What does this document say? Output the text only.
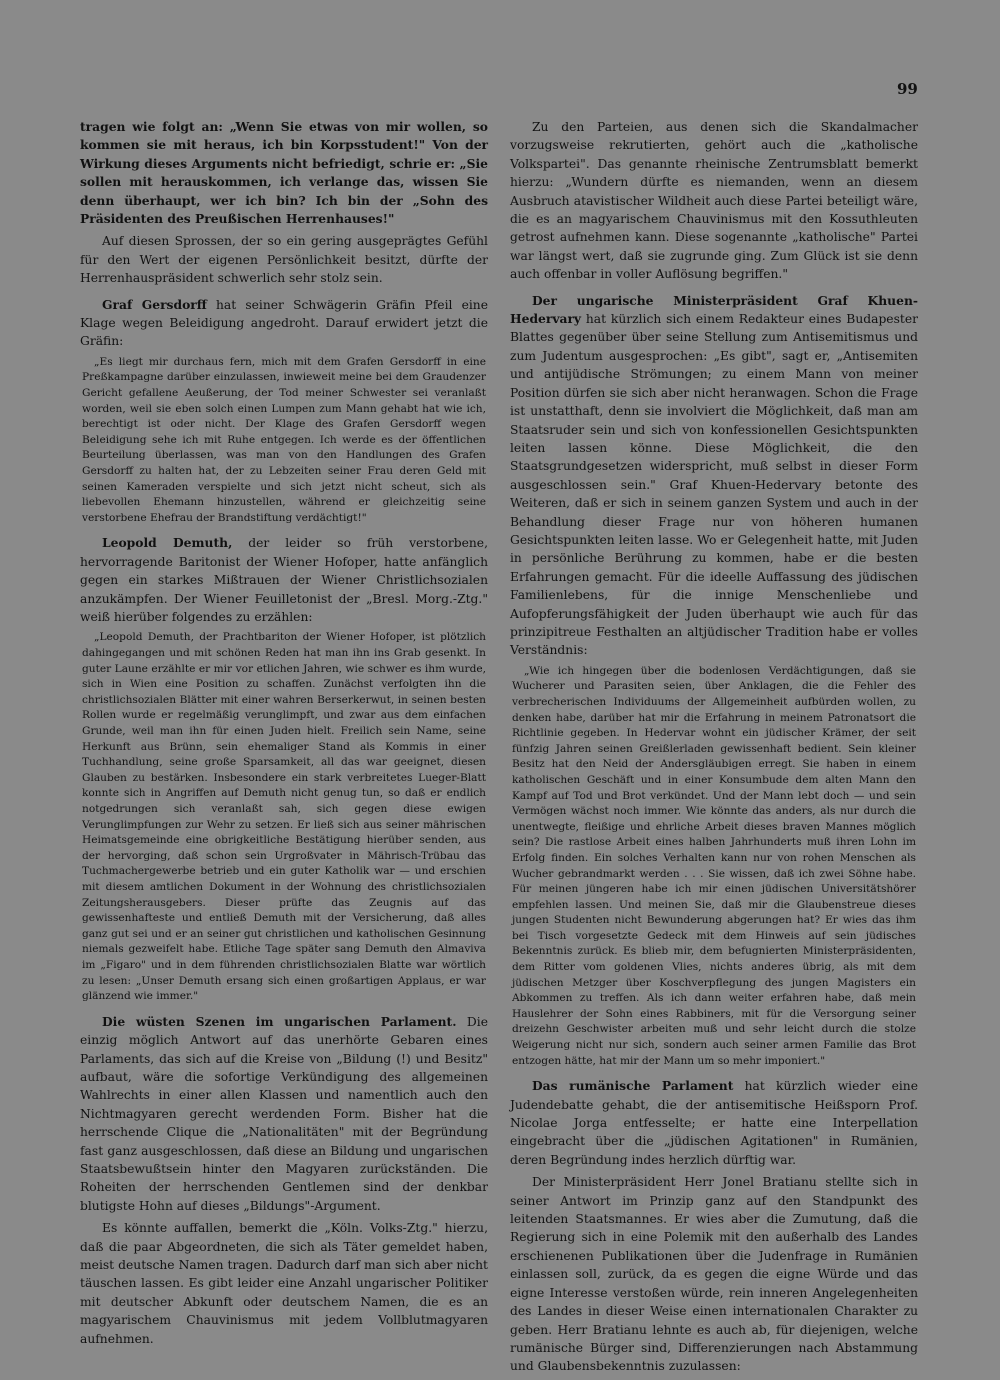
99

tragen wie folgt an: „Wenn Sie etwas von mir wollen, so kommen sie mit heraus, ich bin Korpsstudent!" Von der Wirkung dieses Arguments nicht befriedigt, schrie er: „Sie sollen mit herauskommen, ich verlange das, wissen Sie denn überhaupt, wer ich bin? Ich bin der „Sohn des Präsidenten des Preußischen Herrenhauses!"

Auf diesen Sprossen, der so ein gering ausgeprägtes Gefühl für den Wert der eigenen Persönlichkeit besitzt, dürfte der Herrenhauspräsident schwerlich sehr stolz sein.

Graf Gersdorff hat seiner Schwägerin Gräfin Pfeil eine Klage wegen Beleidigung angedroht. Darauf erwidert jetzt die Gräfin:

„Es liegt mir durchaus fern, mich mit dem Grafen Gersdorff in eine Preßkampagne darüber einzulassen, inwieweit meine bei dem Graudenzer Gericht gefallene Aeußerung, der Tod meiner Schwester sei veranlaßt worden, weil sie eben solch einen Lumpen zum Mann gehabt hat wie ich, berechtigt ist oder nicht. Der Klage des Grafen Gersdorff wegen Beleidigung sehe ich mit Ruhe entgegen. Ich werde es der öffentlichen Beurteilung überlassen, was man von den Handlungen des Grafen Gersdorff zu halten hat, der zu Lebzeiten seiner Frau deren Geld mit seinen Kameraden verspielte und sich jetzt nicht scheut, sich als liebevollen Ehemann hinzustellen, während er gleichzeitig seine verstorbene Ehefrau der Brandstiftung verdächtigt!"

Leopold Demuth, der leider so früh verstorbene, hervorragende Baritonist der Wiener Hofoper, hatte anfänglich gegen ein starkes Mißtrauen der Wiener Christlichsozialen anzukämpfen. Der Wiener Feuilletonist der „Bresl. Morg.-Ztg." weiß hierüber folgendes zu erzählen:

„Leopold Demuth, der Prachtbariton der Wiener Hofoper, ist plötzlich dahingegangen und mit schönen Reden hat man ihn ins Grab gesenkt. In guter Laune erzählte er mir vor etlichen Jahren, wie schwer es ihm wurde, sich in Wien eine Position zu schaffen. Zunächst verfolgten ihn die christlichsozialen Blätter mit einer wahren Berserkerwut, in seinen besten Rollen wurde er regelmäßig verunglimpft, und zwar aus dem einfachen Grunde, weil man ihn für einen Juden hielt. Freilich sein Name, seine Herkunft aus Brünn, sein ehemaliger Stand als Kommis in einer Tuchhandlung, seine große Sparsamkeit, all das war geeignet, diesen Glauben zu bestärken. Insbesondere ein stark verbreitetes Lueger-Blatt konnte sich in Angriffen auf Demuth nicht genug tun, so daß er endlich notgedrungen sich veranlaßt sah, sich gegen diese ewigen Verunglimpfungen zur Wehr zu setzen. Er ließ sich aus seiner mährischen Heimatsgemeinde eine obrigkeitliche Bestätigung hierüber senden, aus der hervorging, daß schon sein Urgroßvater in Mährisch-Trübau das Tuchmachergewerbe betrieb und ein guter Katholik war — und erschien mit diesem amtlichen Dokument in der Wohnung des christlichsozialen Zeitungsherausgebers. Dieser prüfte das Zeugnis auf das gewissenhafteste und entließ Demuth mit der Versicherung, daß alles ganz gut sei und er an seiner gut christlichen und katholischen Gesinnung niemals gezweifelt habe. Etliche Tage später sang Demuth den Almaviva im „Figaro" und in dem führenden christlichsozialen Blatte war wörtlich zu lesen: „Unser Demuth ersang sich einen großartigen Applaus, er war glänzend wie immer."

Die wüsten Szenen im ungarischen Parlament. Die einzig möglich Antwort auf das unerhörte Gebaren eines Parlaments, das sich auf die Kreise von „Bildung (!) und Besitz" aufbaut, wäre die sofortige Verkündigung des allgemeinen Wahlrechts in einer allen Klassen und namentlich auch den Nichtmagyaren gerecht werdenden Form. Bisher hat die herrschende Clique die „Nationalitäten" mit der Begründung fast ganz ausgeschlossen, daß diese an Bildung und ungarischen Staatsbewußtsein hinter den Magyaren zurückständen. Die Roheiten der herrschenden Gentlemen sind der denkbar blutigste Hohn auf dieses „Bildungs"-Argument.

Es könnte auffallen, bemerkt die „Köln. Volks-Ztg." hierzu, daß die paar Abgeordneten, die sich als Täter gemeldet haben, meist deutsche Namen tragen. Dadurch darf man sich aber nicht täuschen lassen. Es gibt leider eine Anzahl ungarischer Politiker mit deutscher Abkunft oder deutschem Namen, die es an magyarischem Chauvinismus mit jedem Vollblutmagyaren aufnehmen.

Zu den Parteien, aus denen sich die Skandalmacher vorzugsweise rekrutierten, gehört auch die „katholische Volkspartei". Das genannte rheinische Zentrumsblatt bemerkt hierzu: „Wundern dürfte es niemanden, wenn an diesem Ausbruch atavistischer Wildheit auch diese Partei beteiligt wäre, die es an magyarischem Chauvinismus mit den Kossuthleuten getrost aufnehmen kann. Diese sogenannte „katholische" Partei war längst wert, daß sie zugrunde ging. Zum Glück ist sie denn auch offenbar in voller Auflösung begriffen."

Der ungarische Ministerpräsident Graf Khuen-Hedervary hat kürzlich sich einem Redakteur eines Budapester Blattes gegenüber über seine Stellung zum Antisemitismus und zum Judentum ausgesprochen: „Es gibt", sagt er, „Antisemiten und antijüdische Strömungen; zu einem Mann von meiner Position dürfen sie sich aber nicht heranwagen. Schon die Frage ist unstatthaft, denn sie involviert die Möglichkeit, daß man am Staatsruder sein und sich von konfessionellen Gesichtspunkten leiten lassen könne. Diese Möglichkeit, die den Staatsgrundgesetzen widerspricht, muß selbst in dieser Form ausgeschlossen sein." Graf Khuen-Hedervary betonte des Weiteren, daß er sich in seinem ganzen System und auch in der Behandlung dieser Frage nur von höheren humanen Gesichtspunkten leiten lasse. Wo er Gelegenheit hatte, mit Juden in persönliche Berührung zu kommen, habe er die besten Erfahrungen gemacht. Für die ideelle Auffassung des jüdischen Familienlebens, für die innige Menschenliebe und Aufopferungsfähigkeit der Juden überhaupt wie auch für das prinzipitreue Festhalten an altjüdischer Tradition habe er volles Verständnis:

„Wie ich hingegen über die bodenlosen Verdächtigungen, daß sie Wucherer und Parasiten seien, über Anklagen, die die Fehler des verbrecherischen Individuums der Allgemeinheit aufbürden wollen, zu denken habe, darüber hat mir die Erfahrung in meinem Patronatsort die Richtlinie gegeben. In Hedervar wohnt ein jüdischer Krämer, der seit fünfzig Jahren seinen Greißlerladen gewissenhaft bedient. Sein kleiner Besitz hat den Neid der Andersgläubigen erregt. Sie haben in einem katholischen Geschäft und in einer Konsumbude dem alten Mann den Kampf auf Tod und Brot verkündet. Und der Mann lebt doch — und sein Vermögen wächst noch immer. Wie könnte das anders, als nur durch die unentwegte, fleißige und ehrliche Arbeit dieses braven Mannes möglich sein? Die rastlose Arbeit eines halben Jahrhunderts muß ihren Lohn im Erfolg finden. Ein solches Verhalten kann nur von rohen Menschen als Wucher gebrandmarkt werden . . . Sie wissen, daß ich zwei Söhne habe. Für meinen jüngeren habe ich mir einen jüdischen Universitätshörer empfehlen lassen. Und meinen Sie, daß mir die Glaubenstreue dieses jungen Studenten nicht Bewunderung abgerungen hat? Er wies das ihm bei Tisch vorgesetzte Gedeck mit dem Hinweis auf sein jüdisches Bekenntnis zurück. Es blieb mir, dem befugnierten Ministerpräsidenten, dem Ritter vom goldenen Vlies, nichts anderes übrig, als mit dem jüdischen Metzger über Koschverpflegung des jungen Magisters ein Abkommen zu treffen. Als ich dann weiter erfahren habe, daß mein Hauslehrer der Sohn eines Rabbiners, mit für die Versorgung seiner dreizehn Geschwister arbeiten muß und sehr leicht durch die stolze Weigerung nicht nur sich, sondern auch seiner armen Familie das Brot entzogen hätte, hat mir der Mann um so mehr imponiert."

Das rumänische Parlament hat kürzlich wieder eine Judendebatte gehabt, die der antisemitische Heißsporn Prof. Nicolae Jorga entfesselte; er hatte eine Interpellation eingebracht über die „jüdischen Agitationen" in Rumänien, deren Begründung indes herzlich dürftig war.

Der Ministerpräsident Herr Jonel Bratianu stellte sich in seiner Antwort im Prinzip ganz auf den Standpunkt des leitenden Staatsmannes. Er wies aber die Zumutung, daß die Regierung sich in eine Polemik mit den außerhalb des Landes erschienenen Publikationen über die Judenfrage in Rumänien einlassen soll, zurück, da es gegen die eigne Würde und das eigne Interesse verstoßen würde, rein inneren Angelegenheiten des Landes in dieser Weise einen internationalen Charakter zu geben. Herr Bratianu lehnte es auch ab, für diejenigen, welche rumänische Bürger sind, Differenzierungen nach Abstammung und Glaubensbekenntnis zuzulassen:
